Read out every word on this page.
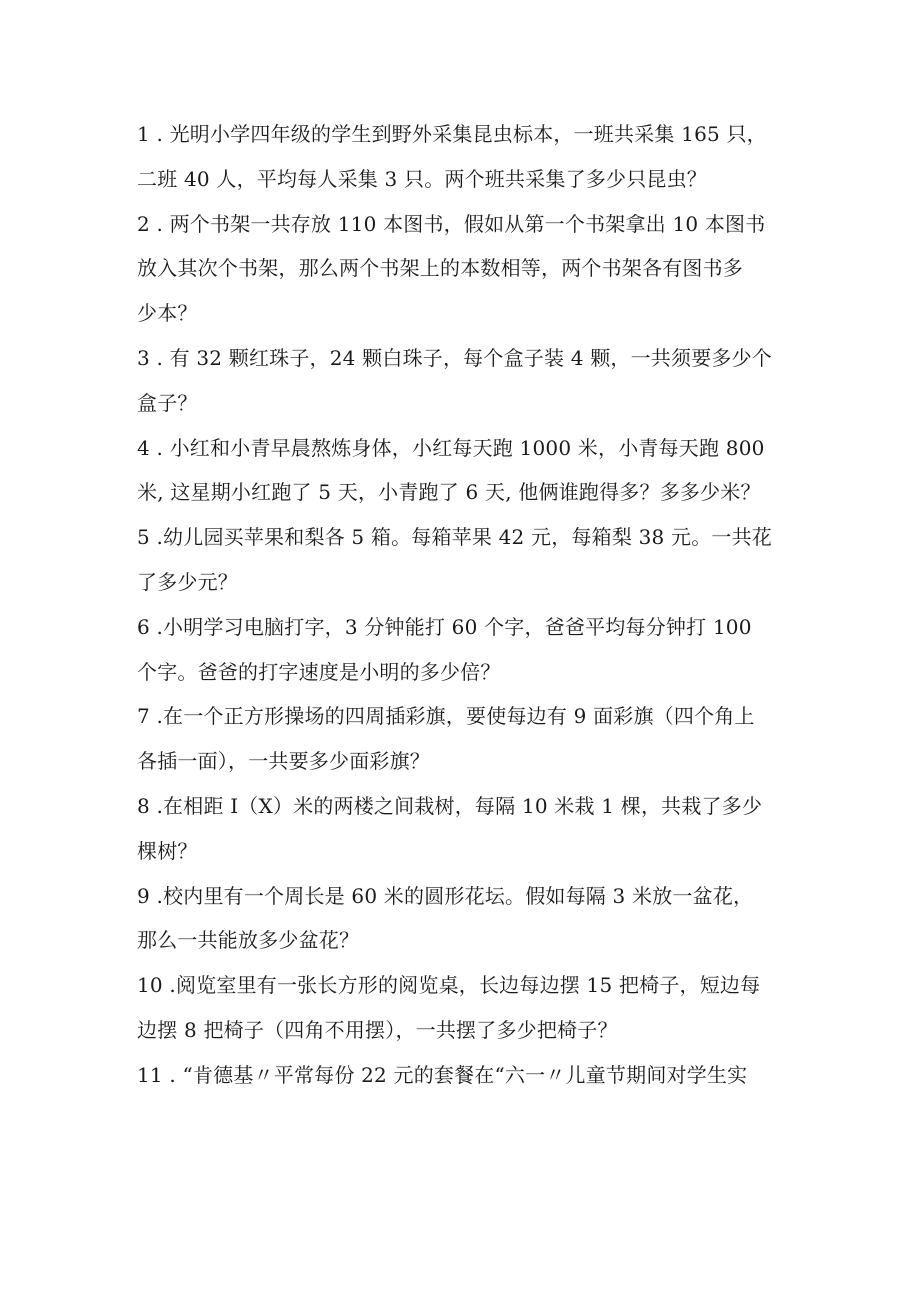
1 . 光明小学四年级的学生到野外采集昆虫标本，一班共采集 165 只，
二班 40 人，平均每人采集 3 只。两个班共采集了多少只昆虫？
2 . 两个书架一共存放 110 本图书，假如从第一个书架拿出 10 本图书
放入其次个书架，那么两个书架上的本数相等，两个书架各有图书多
少本？
3 . 有 32 颗红珠子，24 颗白珠子，每个盒子装 4 颗，一共须要多少个
盒子？
4 . 小红和小青早晨熬炼身体，小红每天跑 1000 米，小青每天跑 800
米, 这星期小红跑了 5 天，小青跑了 6 天, 他俩谁跑得多？多多少米？
5 .幼儿园买苹果和梨各 5 箱。每箱苹果 42 元，每箱梨 38 元。一共花
了多少元？
6 .小明学习电脑打字，3 分钟能打 60 个字，爸爸平均每分钟打 100
个字。爸爸的打字速度是小明的多少倍？
7 .在一个正方形操场的四周插彩旗，要使每边有 9 面彩旗（四个角上
各插一面），一共要多少面彩旗？
8 .在相距 I（X）米的两楼之间栽树，每隔 10 米栽 1 棵，共栽了多少
棵树？
9 .校内里有一个周长是 60 米的圆形花坛。假如每隔 3 米放一盆花，
那么一共能放多少盆花？
10 .阅览室里有一张长方形的阅览桌，长边每边摆 15 把椅子，短边每
边摆 8 把椅子（四角不用摆），一共摆了多少把椅子？
11 . “肯德基〃平常每份 22 元的套餐在“六一〃儿童节期间对学生实
